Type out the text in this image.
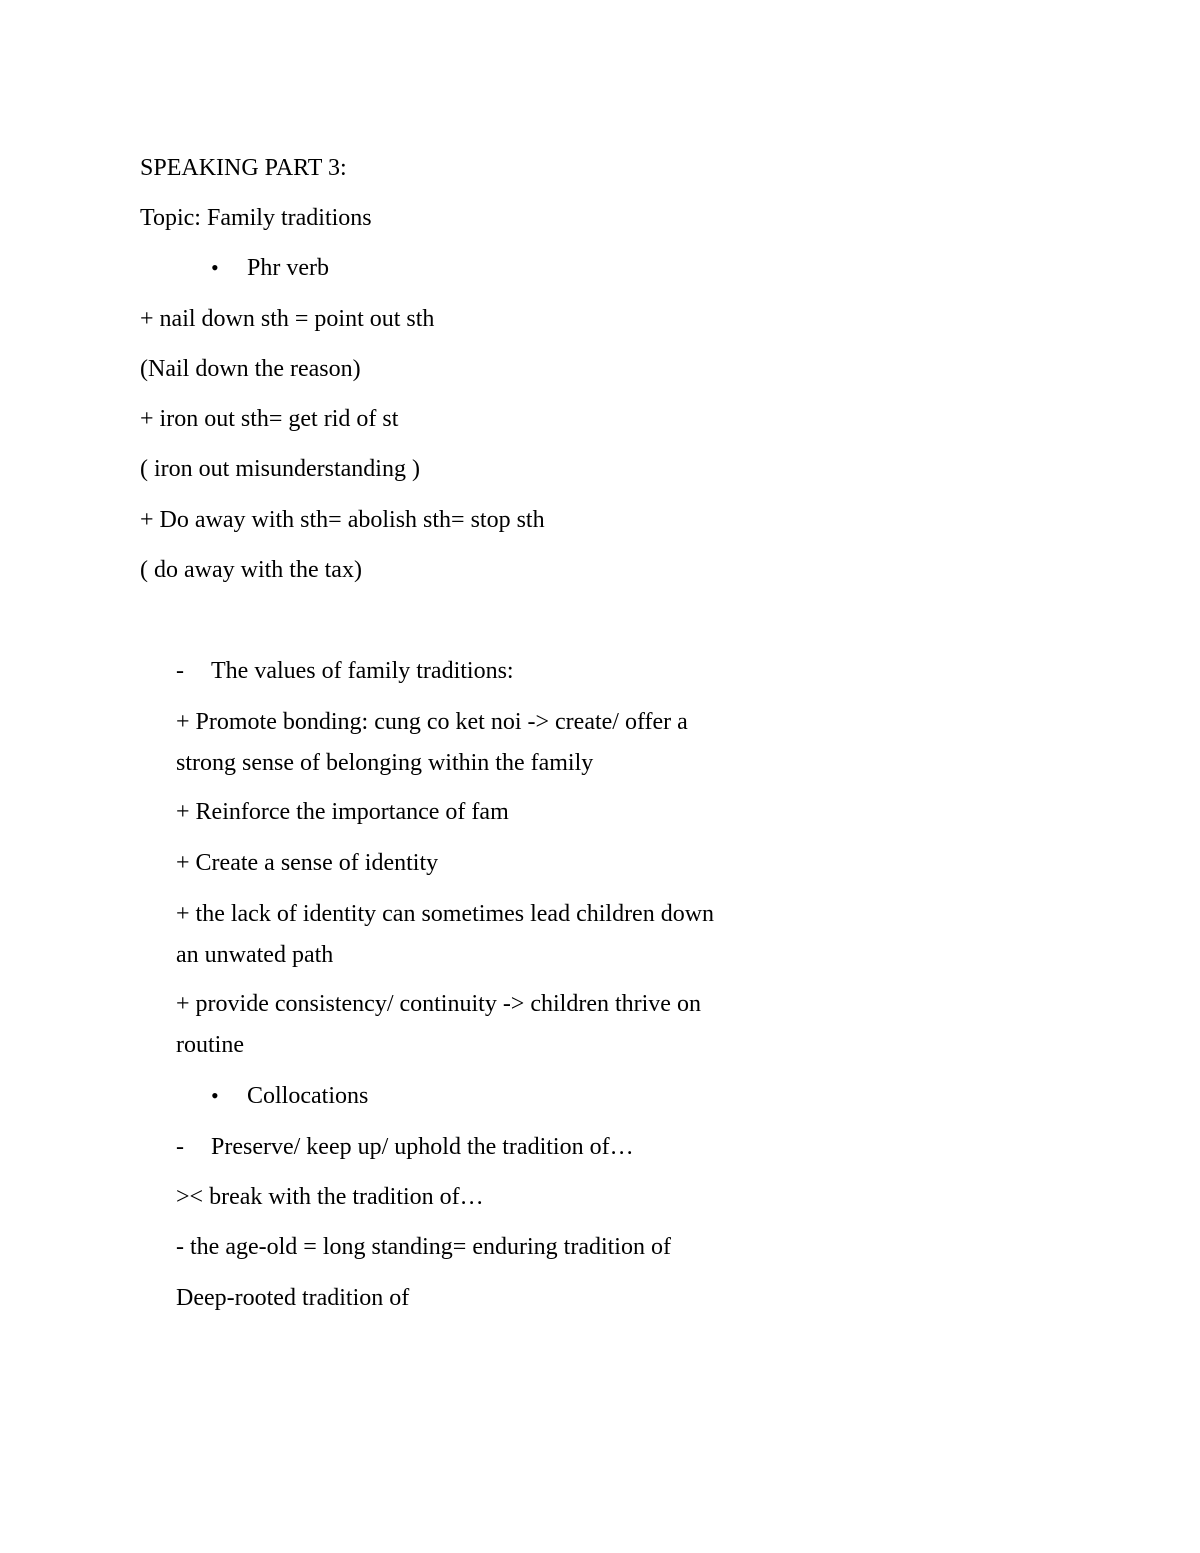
SPEAKING PART 3:
Topic: Family traditions
• Phr verb
+ nail down sth = point out sth
(Nail down the reason)
+ iron out sth= get rid of st
( iron out misunderstanding )
+ Do away with sth= abolish sth= stop sth
( do away with the tax)
- The values of family traditions:
+ Promote bonding: cung co ket noi -> create/ offer a
strong sense of belonging within the family
+ Reinforce the importance of fam
+ Create a sense of identity
+ the lack of identity can sometimes lead children down
an unwated path
+ provide consistency/ continuity -> children thrive on
routine
• Collocations
- Preserve/ keep up/ uphold the tradition of…
>< break with the tradition of…
- the age-old = long standing= enduring tradition of
Deep-rooted tradition of
